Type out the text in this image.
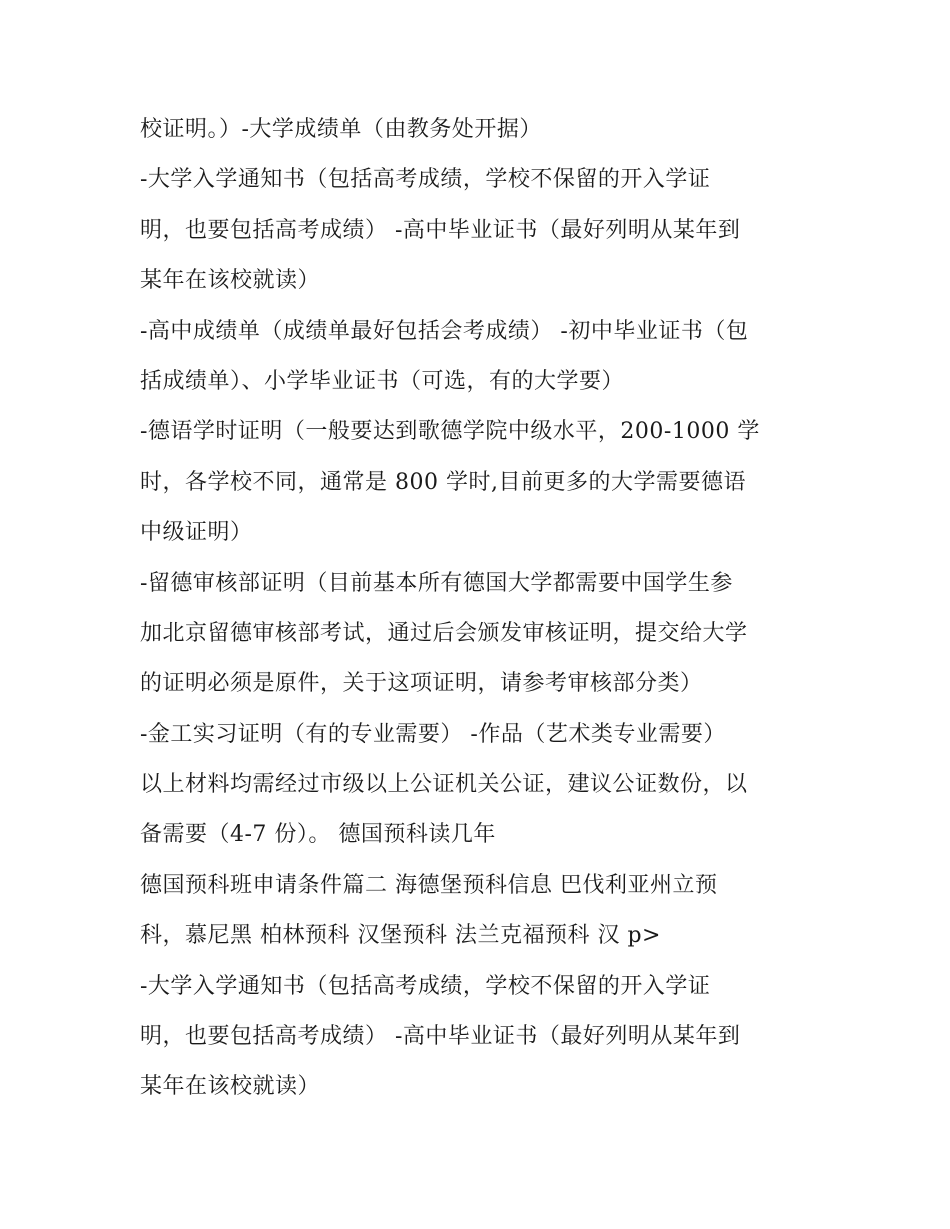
校证明。）-大学成绩单（由教务处开据）
-大学入学通知书（包括高考成绩，学校不保留的开入学证
明，也要包括高考成绩） -高中毕业证书（最好列明从某年到
某年在该校就读）
-高中成绩单（成绩单最好包括会考成绩） -初中毕业证书（包
括成绩单）、小学毕业证书（可选，有的大学要）
-德语学时证明（一般要达到歌德学院中级水平，200-1000 学
时，各学校不同，通常是 800 学时,目前更多的大学需要德语
中级证明）
-留德审核部证明（目前基本所有德国大学都需要中国学生参
加北京留德审核部考试，通过后会颁发审核证明，提交给大学
的证明必须是原件，关于这项证明，请参考审核部分类）
-金工实习证明（有的专业需要） -作品（艺术类专业需要）
以上材料均需经过市级以上公证机关公证，建议公证数份，以
备需要（4-7 份）。 德国预科读几年
德国预科班申请条件篇二 海德堡预科信息 巴伐利亚州立预
科，慕尼黑 柏林预科 汉堡预科 法兰克福预科 汉 p>
-大学入学通知书（包括高考成绩，学校不保留的开入学证
明，也要包括高考成绩） -高中毕业证书（最好列明从某年到
某年在该校就读）
